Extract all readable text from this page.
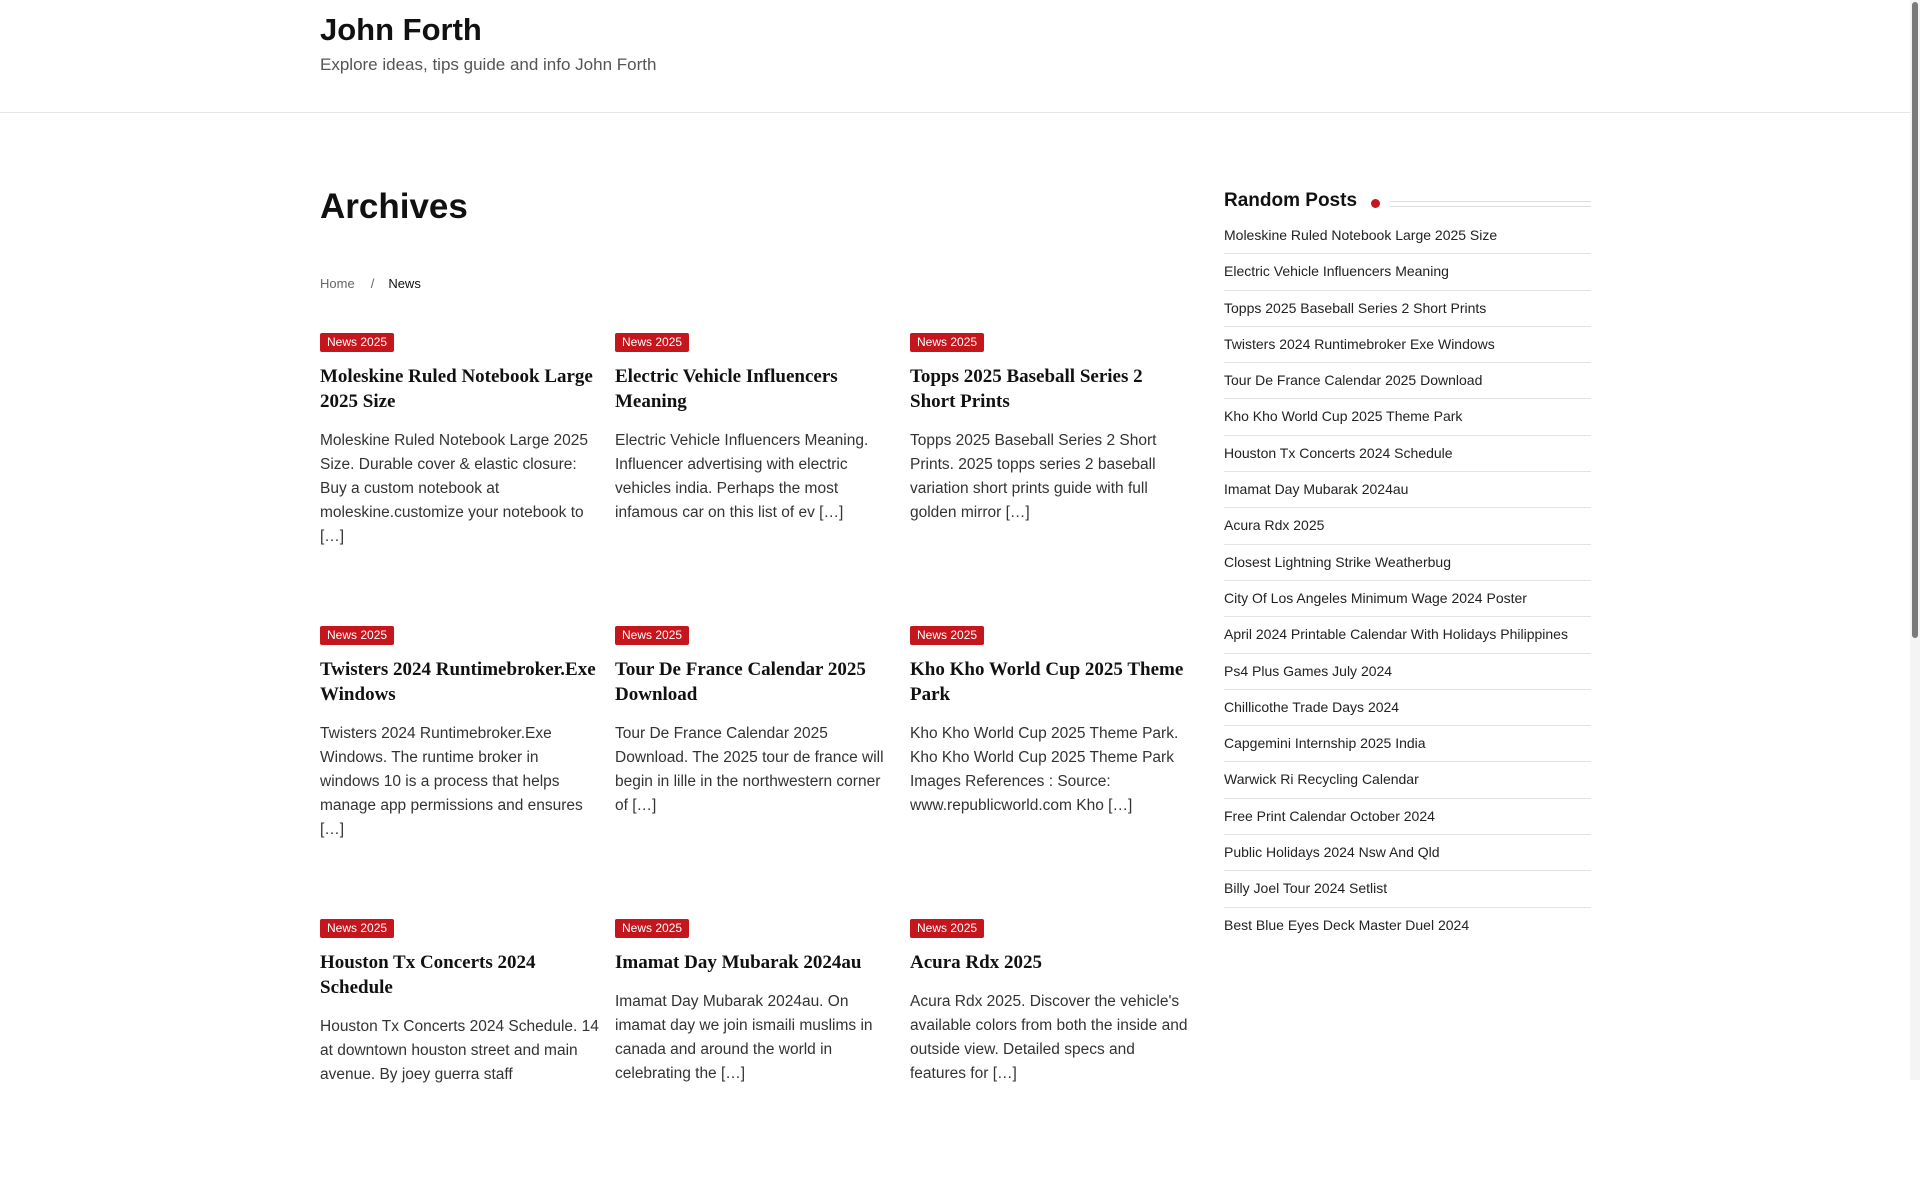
John Forth
Explore ideas, tips guide and info John Forth
Archives
Home / News
News 2025
Moleskine Ruled Notebook Large 2025 Size

Moleskine Ruled Notebook Large 2025 Size. Durable cover & elastic closure: Buy a custom notebook at moleskine.customize your notebook to […]

News 2025
Electric Vehicle Influencers Meaning

Electric Vehicle Influencers Meaning. Influencer advertising with electric vehicles india. Perhaps the most infamous car on this list of ev […]

News 2025
Topps 2025 Baseball Series 2 Short Prints

Topps 2025 Baseball Series 2 Short Prints. 2025 topps series 2 baseball variation short prints guide with full golden mirror […]

News 2025
Twisters 2024 Runtimebroker.Exe Windows

Twisters 2024 Runtimebroker.Exe Windows. The runtime broker in windows 10 is a process that helps manage app permissions and ensures […]

News 2025
Tour De France Calendar 2025 Download

Tour De France Calendar 2025 Download. The 2025 tour de france will begin in lille in the northwestern corner of […]

News 2025
Kho Kho World Cup 2025 Theme Park

Kho Kho World Cup 2025 Theme Park. Kho Kho World Cup 2025 Theme Park Images References : Source: www.republicworld.com Kho […]

News 2025
Houston Tx Concerts 2024 Schedule

Houston Tx Concerts 2024 Schedule. 14 at downtown houston street and main avenue. By joey guerra staff

News 2025
Imamat Day Mubarak 2024au

Imamat Day Mubarak 2024au. On imamat day we join ismaili muslims in canada and around the world in celebrating the […]

News 2025
Acura Rdx 2025

Acura Rdx 2025. Discover the vehicle's available colors from both the inside and outside view. Detailed specs and features for […]

Random Posts
Moleskine Ruled Notebook Large 2025 Size
Electric Vehicle Influencers Meaning
Topps 2025 Baseball Series 2 Short Prints
Twisters 2024 Runtimebroker Exe Windows
Tour De France Calendar 2025 Download
Kho Kho World Cup 2025 Theme Park
Houston Tx Concerts 2024 Schedule
Imamat Day Mubarak 2024au
Acura Rdx 2025
Closest Lightning Strike Weatherbug
City Of Los Angeles Minimum Wage 2024 Poster
April 2024 Printable Calendar With Holidays Philippines
Ps4 Plus Games July 2024
Chillicothe Trade Days 2024
Capgemini Internship 2025 India
Warwick Ri Recycling Calendar
Free Print Calendar October 2024
Public Holidays 2024 Nsw And Qld
Billy Joel Tour 2024 Setlist
Best Blue Eyes Deck Master Duel 2024
